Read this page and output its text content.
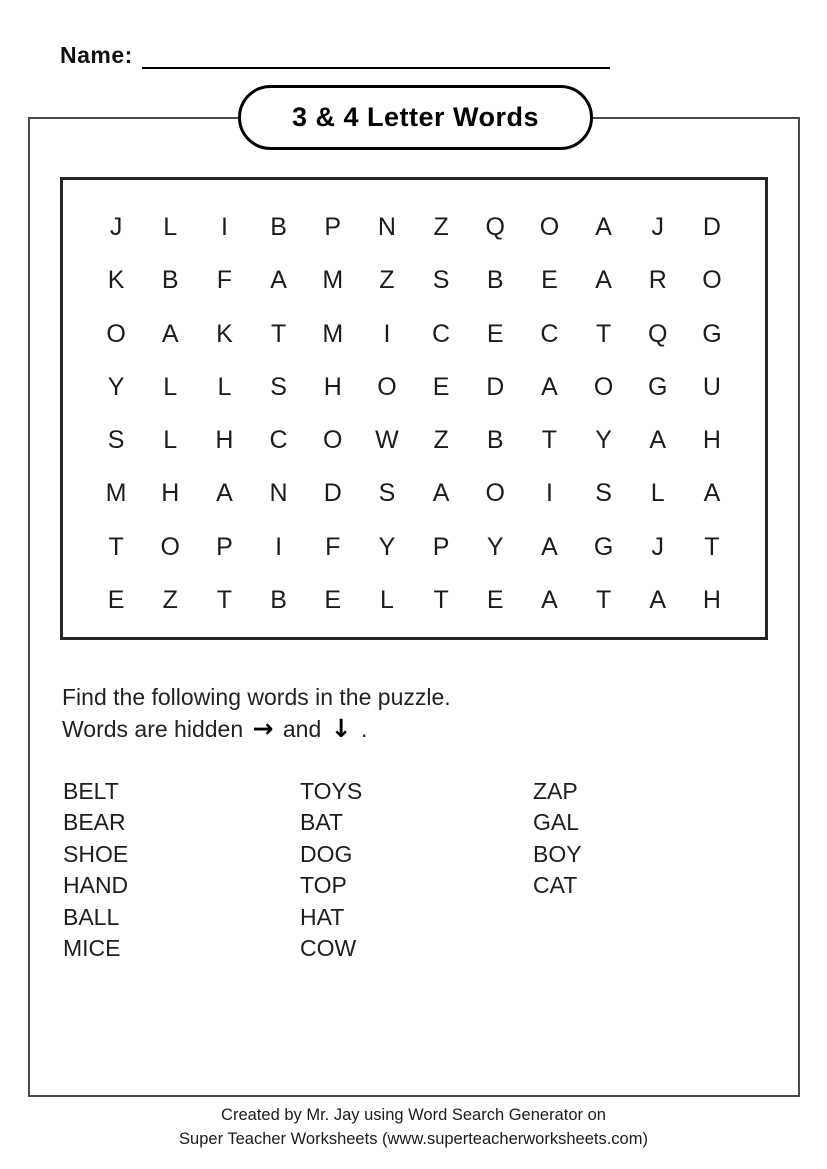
Name:
3 & 4 Letter Words
J	L	I	B	P	N	Z	Q	O	A	J	D
K	B	F	A	M	Z	S	B	E	A	R	O
O	A	K	T	M	I	C	E	C	T	Q	G
Y	L	L	S	H	O	E	D	A	O	G	U
S	L	H	C	O	W	Z	B	T	Y	A	H
M	H	A	N	D	S	A	O	I	S	L	A
T	O	P	I	F	Y	P	Y	A	G	J	T
E	Z	T	B	E	L	T	E	A	T	A	H
Find the following words in the puzzle.
Words are hidden → and ↓ .
BELT
BEAR
SHOE
HAND
BALL
MICE
TOYS
BAT
DOG
TOP
HAT
COW
ZAP
GAL
BOY
CAT
Created by Mr. Jay using Word Search Generator on
Super Teacher Worksheets (www.superteacherworksheets.com)
